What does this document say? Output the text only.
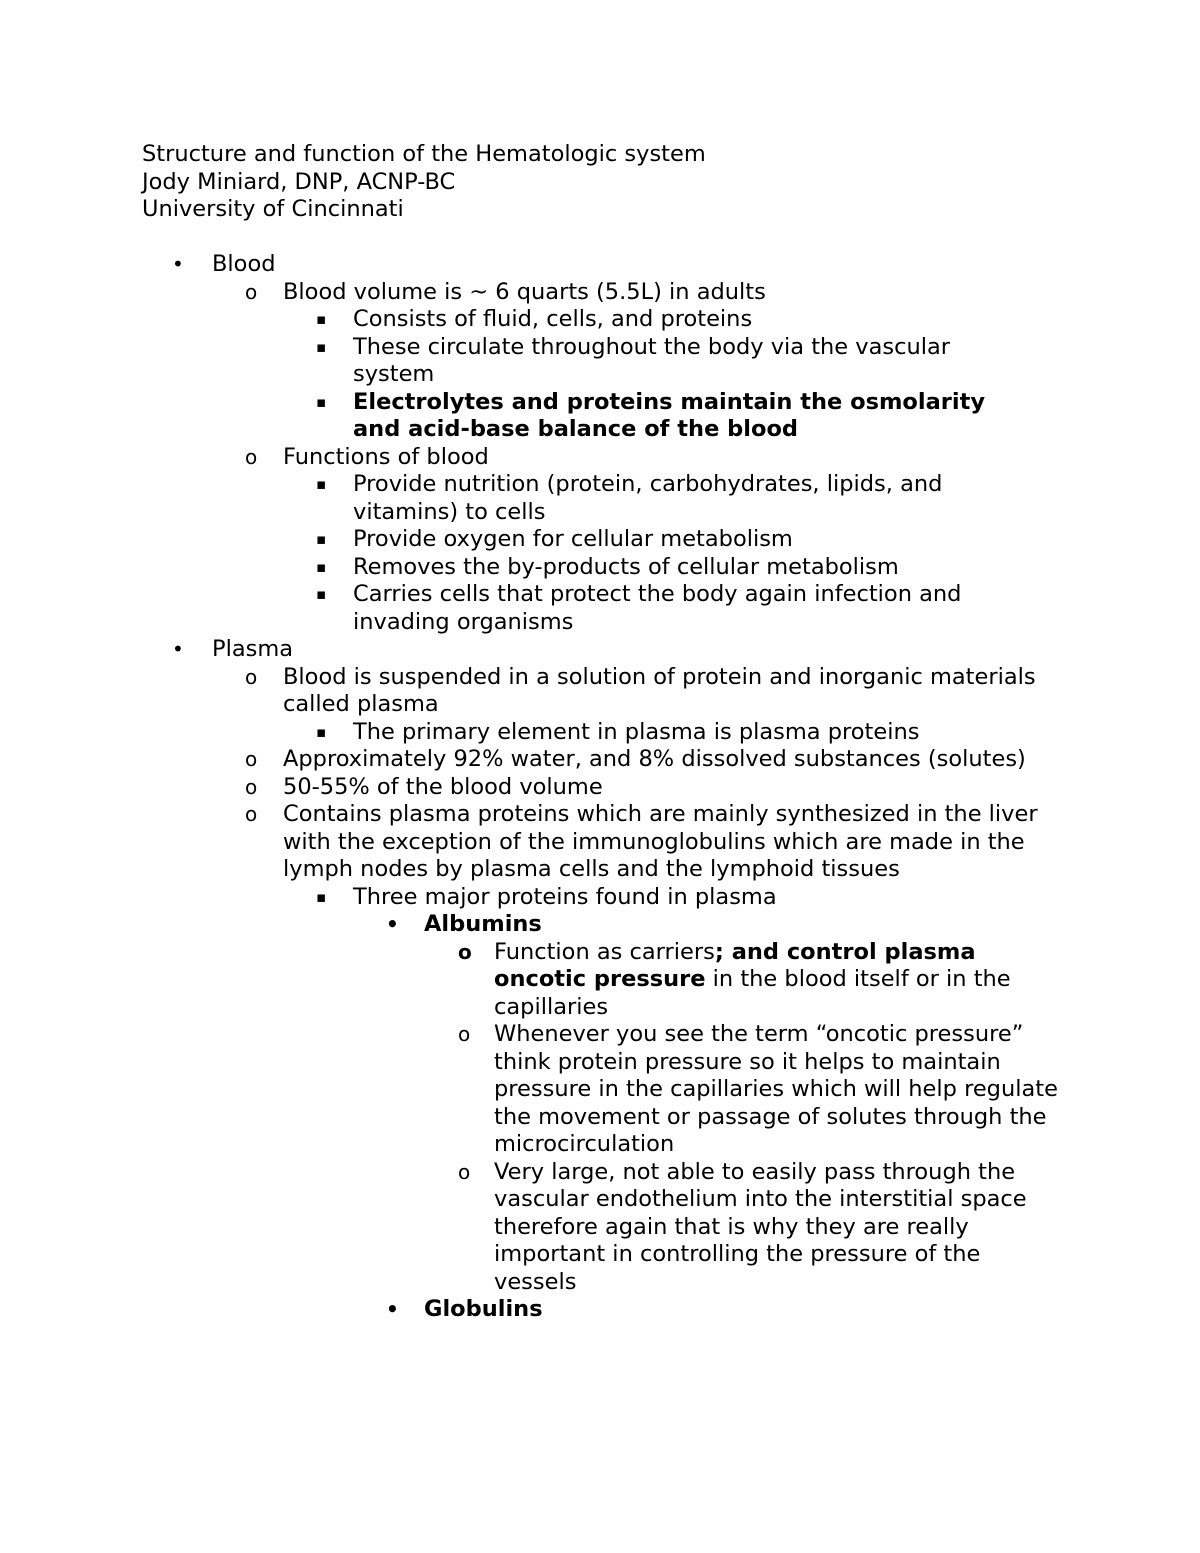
Structure and function of the Hematologic system
Jody Miniard, DNP, ACNP-BC
University of Cincinnati
• Blood
o Blood volume is ~ 6 quarts (5.5L) in adults
▪ Consists of fluid, cells, and proteins
▪ These circulate throughout the body via the vascular system
▪ Electrolytes and proteins maintain the osmolarity and acid-base balance of the blood
o Functions of blood
▪ Provide nutrition (protein, carbohydrates, lipids, and vitamins) to cells
▪ Provide oxygen for cellular metabolism
▪ Removes the by-products of cellular metabolism
▪ Carries cells that protect the body again infection and invading organisms
• Plasma
o Blood is suspended in a solution of protein and inorganic materials called plasma
▪ The primary element in plasma is plasma proteins
o Approximately 92% water, and 8% dissolved substances (solutes)
o 50-55% of the blood volume
o Contains plasma proteins which are mainly synthesized in the liver with the exception of the immunoglobulins which are made in the lymph nodes by plasma cells and the lymphoid tissues
▪ Three major proteins found in plasma
• Albumins
o Function as carriers; and control plasma oncotic pressure in the blood itself or in the capillaries
o Whenever you see the term “oncotic pressure” think protein pressure so it helps to maintain pressure in the capillaries which will help regulate the movement or passage of solutes through the microcirculation
o Very large, not able to easily pass through the vascular endothelium into the interstitial space therefore again that is why they are really important in controlling the pressure of the vessels
• Globulins
